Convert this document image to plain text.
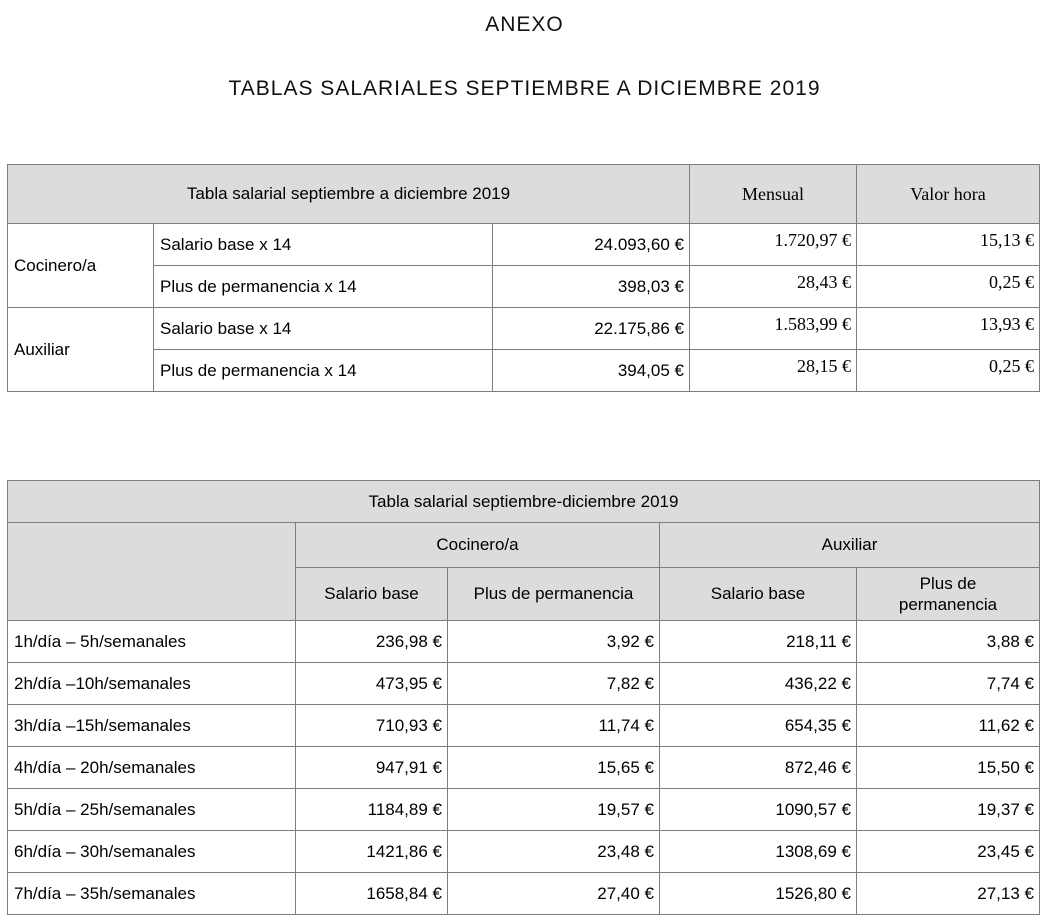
ANEXO
TABLAS SALARIALES SEPTIEMBRE A DICIEMBRE 2019
Tabla salarial septiembre a diciembre 2019			Mensual	Valor hora
Cocinero/a	Salario base x 14	24.093,60 €	1.720,97 €	15,13 €
	Plus de permanencia x 14	398,03 €	28,43 €	0,25 €
Auxiliar	Salario base x 14	22.175,86 €	1.583,99 €	13,93 €
	Plus de permanencia x 14	394,05 €	28,15 €	0,25 €
Tabla salarial septiembre-diciembre 2019				
	Cocinero/a		Auxiliar	
	Salario base	Plus de permanencia	Salario base	Plus de
permanencia
1h/día – 5h/semanales	236,98 €	3,92 €	218,11 €	3,88 €
2h/día –10h/semanales	473,95 €	7,82 €	436,22 €	7,74 €
3h/día –15h/semanales	710,93 €	11,74 €	654,35 €	11,62 €
4h/día – 20h/semanales	947,91 €	15,65 €	872,46 €	15,50 €
5h/día – 25h/semanales	1184,89 €	19,57 €	1090,57 €	19,37 €
6h/día – 30h/semanales	1421,86 €	23,48 €	1308,69 €	23,45 €
7h/día – 35h/semanales	1658,84 €	27,40 €	1526,80 €	27,13 €
